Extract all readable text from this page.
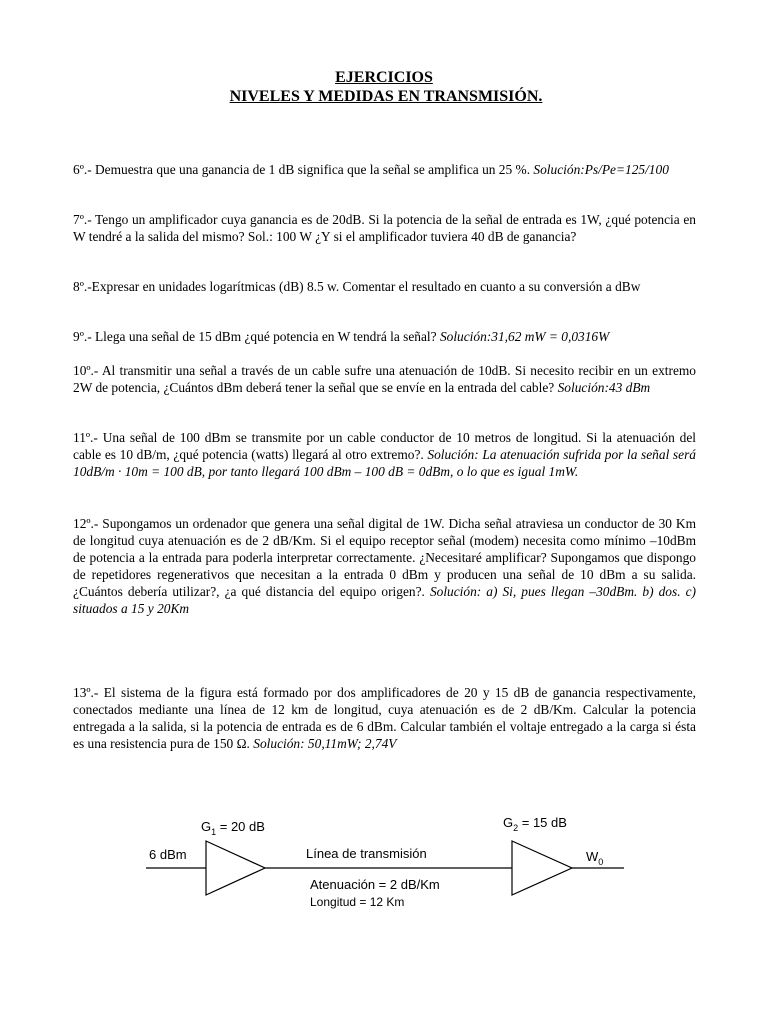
EJERCICIOS
NIVELES Y MEDIDAS EN TRANSMISIÓN.
6º.- Demuestra que una ganancia de 1 dB significa que la señal se amplifica un 25 %. Solución:Ps/Pe=125/100
7º.- Tengo un amplificador cuya ganancia es de 20dB. Si la potencia de la señal de entrada es 1W, ¿qué potencia en W tendré a la salida del mismo? Sol.: 100 W ¿Y si el amplificador tuviera 40 dB de ganancia?
8º.-Expresar en unidades logarítmicas (dB) 8.5 w. Comentar el resultado en cuanto a su conversión a dBw
9º.- Llega una señal de 15 dBm ¿qué potencia en W tendrá la señal? Solución:31,62 mW = 0,0316W
10º.- Al transmitir una señal a través de un cable sufre una atenuación de 10dB. Si necesito recibir en un extremo 2W de potencia, ¿Cuántos dBm deberá tener la señal que se envíe en la entrada del cable? Solución:43 dBm
11º.- Una señal de 100 dBm se transmite por un cable conductor de 10 metros de longitud. Si la atenuación del cable es 10 dB/m, ¿qué potencia (watts) llegará al otro extremo?. Solución: La atenuación sufrida por la señal será 10dB/m · 10m = 100 dB, por tanto llegará 100 dBm – 100 dB = 0dBm, o lo que es igual 1mW.
12º.- Supongamos un ordenador que genera una señal digital de 1W. Dicha señal atraviesa un conductor de 30 Km de longitud cuya atenuación es de 2 dB/Km. Si el equipo receptor señal (modem) necesita como mínimo –10dBm de potencia a la entrada para poderla interpretar correctamente. ¿Necesitaré amplificar? Supongamos que dispongo de repetidores regenerativos que necesitan a la entrada 0 dBm y producen una señal de 10 dBm a su salida. ¿Cuántos debería utilizar?, ¿a qué distancia del equipo origen?. Solución: a) Si, pues llegan –30dBm. b) dos. c) situados a 15 y 20Km
13º.- El sistema de la figura está formado por dos amplificadores de 20 y 15 dB de ganancia respectivamente, conectados mediante una línea de 12 km de longitud, cuya atenuación es de 2 dB/Km. Calcular la potencia entregada a la salida, si la potencia de entrada es de 6 dBm. Calcular también el voltaje entregado a la carga si ésta es una resistencia pura de 150 Ω. Solución: 50,11mW; 2,74V
6 dBm
$G_1 = 20$ dB	$G_2 = 15$ dB
Línea de transmisión
Atenuación = 2 dB/Km
Longitud = 12 Km
$W_0$
